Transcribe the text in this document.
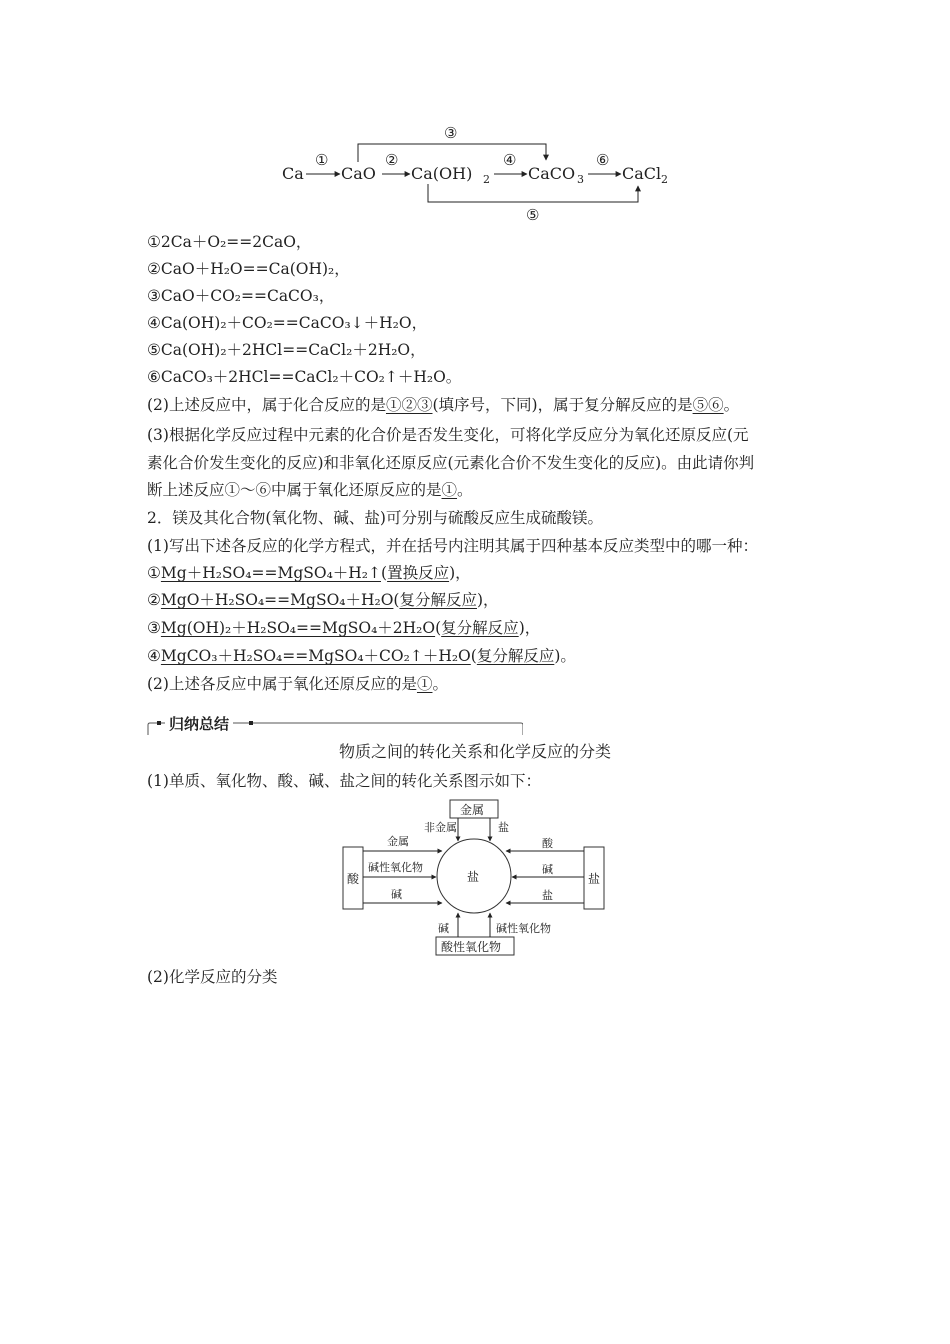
Ca CaO Ca(OH) 2 CaCO 3 CaCl 2
①	②	④	⑥
③
⑤
①2Ca＋O₂==2CaO，
②CaO＋H₂O==Ca(OH)₂，
③CaO＋CO₂==CaCO₃，
④Ca(OH)₂＋CO₂==CaCO₃↓＋H₂O，
⑤Ca(OH)₂＋2HCl==CaCl₂＋2H₂O，
⑥CaCO₃＋2HCl==CaCl₂＋CO₂↑＋H₂O。
(2)上述反应中，属于化合反应的是①②③(填序号，下同)，属于复分解反应的是⑤⑥。
(3)根据化学反应过程中元素的化合价是否发生变化，可将化学反应分为氧化还原反应(元
素化合价发生变化的反应)和非氧化还原反应(元素化合价不发生变化的反应)。由此请你判
断上述反应①～⑥中属于氧化还原反应的是①。
2．镁及其化合物(氧化物、碱、盐)可分别与硫酸反应生成硫酸镁。
(1)写出下述各反应的化学方程式，并在括号内注明其属于四种基本反应类型中的哪一种：
①Mg＋H₂SO₄==MgSO₄＋H₂↑(置换反应)，
②MgO＋H₂SO₄==MgSO₄＋H₂O(复分解反应)，
③Mg(OH)₂＋H₂SO₄==MgSO₄＋2H₂O(复分解反应)，
④MgCO₃＋H₂SO₄==MgSO₄＋CO₂↑＋H₂O(复分解反应)。
(2)上述各反应中属于氧化还原反应的是①。
归纳总结
物质之间的转化关系和化学反应的分类
(1)单质、氧化物、酸、碱、盐之间的转化关系图示如下：
金属
酸	盐
酸性氧化物
盐
非金属
金属
盐
碱性氧化物
碱
酸
碱
盐
碱	碱性氧化物
(2)化学反应的分类
